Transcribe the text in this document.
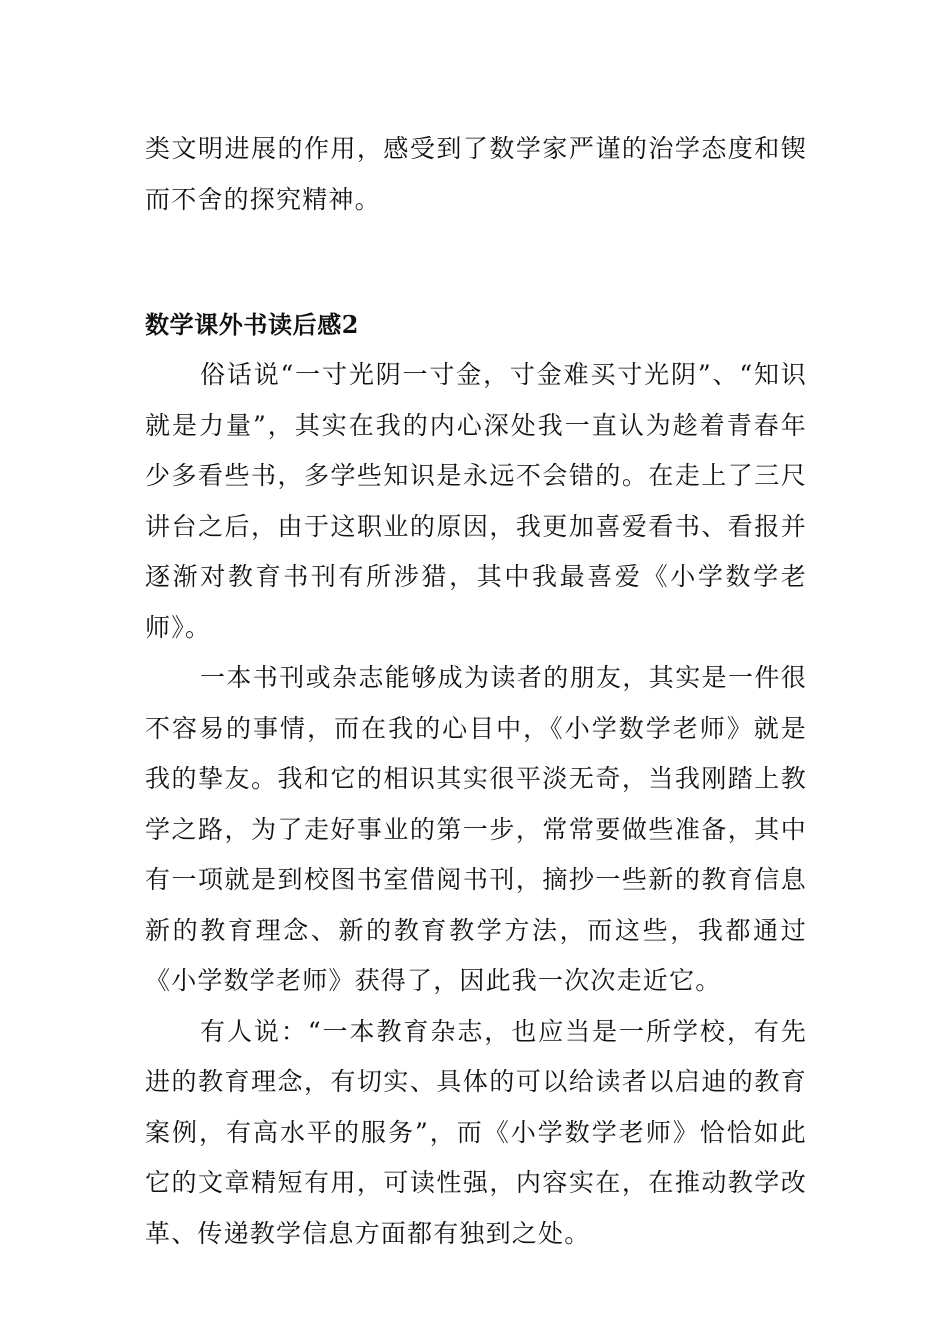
类文明进展的作用，感受到了数学家严谨的治学态度和锲而不舍的探究精神。

数学课外书读后感2

俗话说“一寸光阴一寸金，寸金难买寸光阴”、“知识就是力量”，其实在我的内心深处我一直认为趁着青春年少多看些书，多学些知识是永远不会错的。在走上了三尺讲台之后，由于这职业的原因，我更加喜爱看书、看报并逐渐对教育书刊有所涉猎，其中我最喜爱《小学数学老师》。

一本书刊或杂志能够成为读者的朋友，其实是一件很不容易的事情，而在我的心目中，《小学数学老师》就是我的挚友。我和它的相识其实很平淡无奇，当我刚踏上教学之路，为了走好事业的第一步，常常要做些准备，其中有一项就是到校图书室借阅书刊，摘抄一些新的教育信息新的教育理念、新的教育教学方法，而这些，我都通过《小学数学老师》获得了，因此我一次次走近它。

有人说：“一本教育杂志，也应当是一所学校，有先进的教育理念，有切实、具体的可以给读者以启迪的教育案例，有高水平的服务”，而《小学数学老师》恰恰如此它的文章精短有用，可读性强，内容实在，在推动教学改革、传递教学信息方面都有独到之处。
